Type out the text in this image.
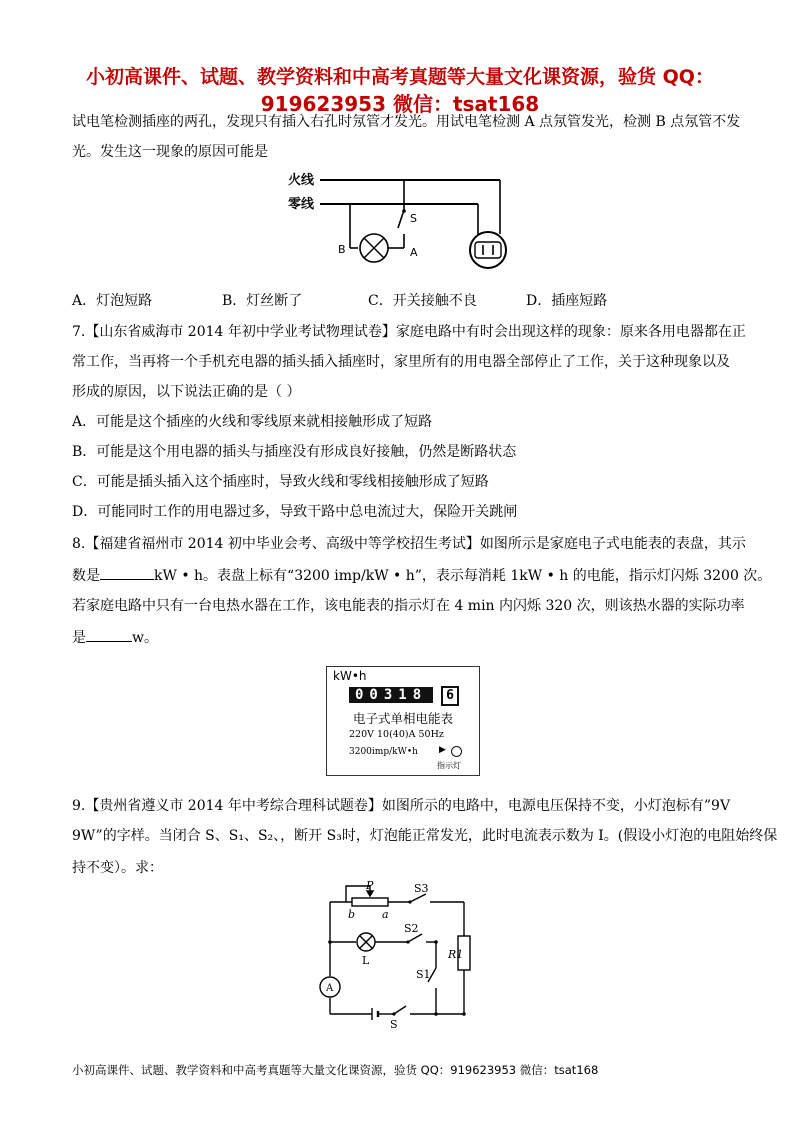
小初高课件、试题、教学资料和中高考真题等大量文化课资源，验货 QQ：
919623953 微信：tsat168
试电笔检测插座的两孔，发现只有插入右孔时氖管才发光。用试电笔检测 A 点氖管发光，检测 B 点氖管不发
光。发生这一现象的原因可能是
火线
零线
S
B	A
A．灯泡短路	B．灯丝断了	C．开关接触不良	D．插座短路
7.【山东省威海市 2014 年初中学业考试物理试卷】家庭电路中有时会出现这样的现象：原来各用电器都在正
常工作，当再将一个手机充电器的插头插入插座时，家里所有的用电器全部停止了工作，关于这种现象以及
形成的原因，以下说法正确的是（ ）
A．可能是这个插座的火线和零线原来就相接触形成了短路
B．可能是这个用电器的插头与插座没有形成良好接触，仍然是断路状态
C．可能是插头插入这个插座时，导致火线和零线相接触形成了短路
D．可能同时工作的用电器过多，导致干路中总电流过大，保险开关跳闸
8.【福建省福州市 2014 初中毕业会考、高级中等学校招生考试】如图所示是家庭电子式电能表的表盘，其示
数是	kW • h。表盘上标有“3200 imp/kW • h”，表示每消耗 1kW • h 的电能，指示灯闪烁 3200 次。
若家庭电路中只有一台电热水器在工作，该电能表的指示灯在 4 min 内闪烁 320 次，则该热水器的实际功率
是	w。
kW•h
00318	6
电子式单相电能表
220V 10(40)A 50Hz
3200imp/kW•h ▶
指示灯
9.【贵州省遵义市 2014 年中考综合理科试题卷】如图所示的电路中，电源电压保持不变，小灯泡标有”9V
9W”的字样。当闭合 S、S₁、S₂、，断开 S₃时，灯泡能正常发光，此时电流表示数为 I。(假设小灯泡的电阻始终保
持不变）。求：
P
b a
S3
S2
S1
S
R1
L
A
小初高课件、试题、教学资料和中高考真题等大量文化课资源，验货 QQ：919623953 微信：tsat168
